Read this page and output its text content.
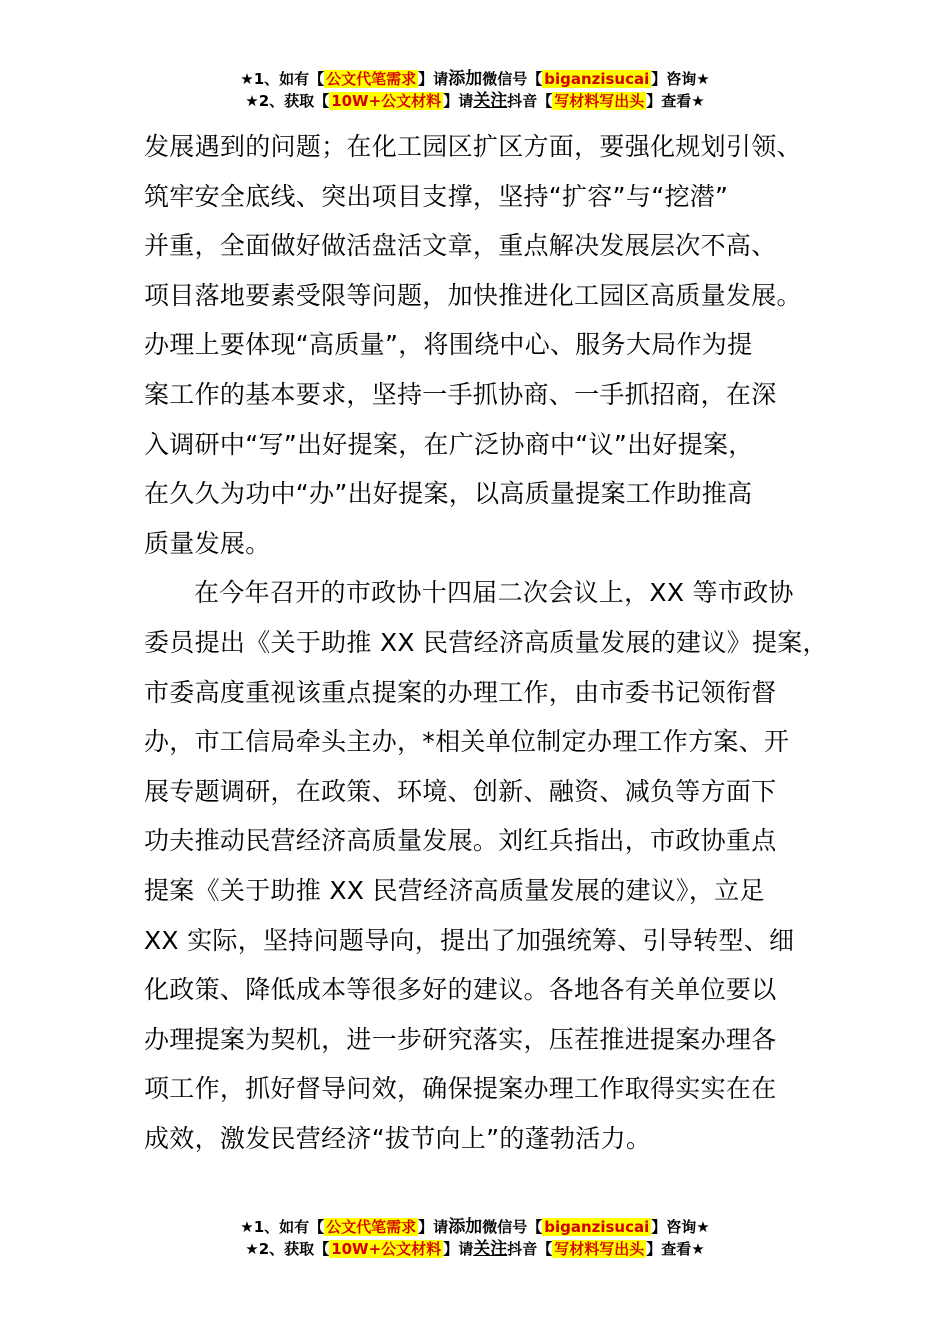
★1、如有【 公文代笔需求 】请添加微信号【 biganzisucai 】咨询★
★2、获取【 10W+公文材料 】请关注抖音【 写材料写出头 】查看★
发展遇到的问题；在化工园区扩区方面，要强化规划引领、
筑牢安全底线、突出项目支撑，坚持“扩容”与“挖潜”
并重，全面做好做活盘活文章，重点解决发展层次不高、
项目落地要素受限等问题，加快推进化工园区高质量发展。
办理上要体现“高质量”，将围绕中心、服务大局作为提
案工作的基本要求，坚持一手抓协商、一手抓招商，在深
入调研中“写”出好提案，在广泛协商中“议”出好提案，
在久久为功中“办”出好提案，以高质量提案工作助推高
质量发展。
在今年召开的市政协十四届二次会议上，XX 等市政协
委员提出《关于助推 XX 民营经济高质量发展的建议》提案，
市委高度重视该重点提案的办理工作，由市委书记领衔督
办，市工信局牵头主办，*相关单位制定办理工作方案、开
展专题调研，在政策、环境、创新、融资、减负等方面下
功夫推动民营经济高质量发展。刘红兵指出，市政协重点
提案《关于助推 XX 民营经济高质量发展的建议》，立足
XX 实际，坚持问题导向，提出了加强统筹、引导转型、细
化政策、降低成本等很多好的建议。各地各有关单位要以
办理提案为契机，进一步研究落实，压茬推进提案办理各
项工作，抓好督导问效，确保提案办理工作取得实实在在
成效，激发民营经济“拔节向上”的蓬勃活力。
★1、如有【 公文代笔需求 】请添加微信号【 biganzisucai 】咨询★
★2、获取【 10W+公文材料 】请关注抖音【 写材料写出头 】查看★
